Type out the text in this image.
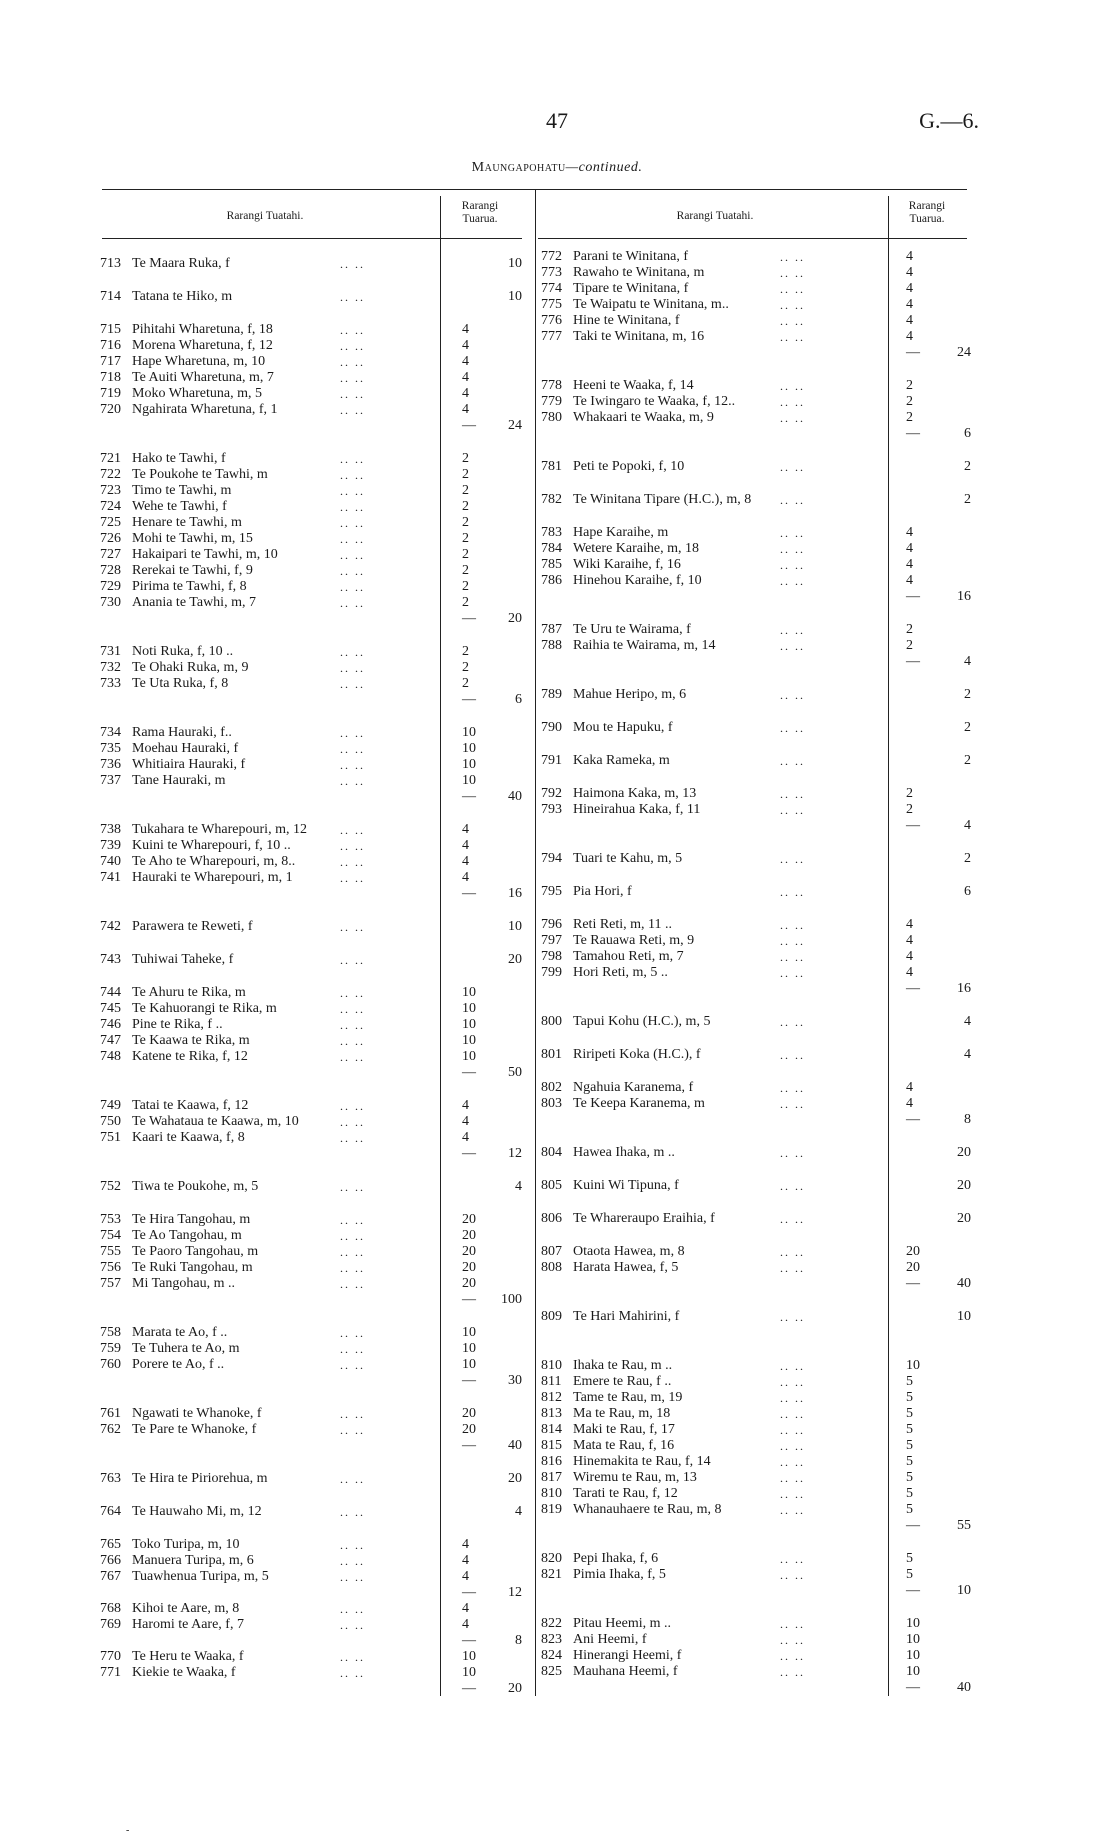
47	G.—6.
Maungapohatu—continued.
Rarangi Tuatahi.
Rarangi
Tuarua.	Rarangi Tuatahi.
Rarangi
Tuarua.
713 Te Maara Ruka, f	.. ..	10
714 Tatana te Hiko, m	.. ..	10
715 Pihitahi Wharetuna, f, 18	.. ..	4
716 Morena Wharetuna, f, 12	.. ..	4
717 Hape Wharetuna, m, 10	.. ..	4
718 Te Auiti Wharetuna, m, 7	.. ..	4
719 Moko Wharetuna, m, 5	.. ..	4
720 Ngahirata Wharetuna, f, 1	.. ..	4
— 24
721 Hako te Tawhi, f	.. ..	2
722 Te Poukohe te Tawhi, m	.. ..	2
723 Timo te Tawhi, m	.. ..	2
724 Wehe te Tawhi, f	.. ..	2
725 Henare te Tawhi, m	.. ..	2
726 Mohi te Tawhi, m, 15	.. ..	2
727 Hakaipari te Tawhi, m, 10	.. ..	2
728 Rerekai te Tawhi, f, 9	.. ..	2
729 Pirima te Tawhi, f, 8	.. ..	2
730 Anania te Tawhi, m, 7	.. ..	2
— 20
731 Noti Ruka, f, 10 ..	.. ..	2
732 Te Ohaki Ruka, m, 9	.. ..	2
733 Te Uta Ruka, f, 8	.. ..	2
—	6
734 Rama Hauraki, f..	.. ..	10
735 Moehau Hauraki, f	.. ..	10
736 Whitiaira Hauraki, f	.. ..	10
737 Tane Hauraki, m	.. ..	10
— 40
738 Tukahara te Wharepouri, m, 12	.. ..	4
739 Kuini te Wharepouri, f, 10 ..	.. ..	4
740 Te Aho te Wharepouri, m, 8..	.. ..	4
741 Hauraki te Wharepouri, m, 1	.. ..	4
— 16
742 Parawera te Reweti, f	.. ..	10
743 Tuhiwai Taheke, f	.. ..	20
744 Te Ahuru te Rika, m	.. ..	10
745 Te Kahuorangi te Rika, m	.. ..	10
746 Pine te Rika, f ..	.. ..	10
747 Te Kaawa te Rika, m	.. ..	10
748 Katene te Rika, f, 12	.. ..	10
— 50
749 Tatai te Kaawa, f, 12	.. ..	4
750 Te Wahataua te Kaawa, m, 10	.. ..	4
751 Kaari te Kaawa, f, 8	.. ..	4
— 12
752 Tiwa te Poukohe, m, 5	.. ..	4
753 Te Hira Tangohau, m	.. ..	20
754 Te Ao Tangohau, m	.. ..	20
755 Te Paoro Tangohau, m	.. ..	20
756 Te Ruki Tangohau, m	.. ..	20
757 Mi Tangohau, m ..	.. ..	20
— 100
758 Marata te Ao, f ..	.. ..	10
759 Te Tuhera te Ao, m	.. ..	10
760 Porere te Ao, f ..	.. ..	10
— 30
761 Ngawati te Whanoke, f	.. ..	20
762 Te Pare te Whanoke, f	.. ..	20
— 40
763 Te Hira te Piriorehua, m	.. ..	20
764 Te Hauwaho Mi, m, 12	.. ..	4
765 Toko Turipa, m, 10	.. ..	4
766 Manuera Turipa, m, 6	.. ..	4
767 Tuawhenua Turipa, m, 5	.. ..	4
— 12
768 Kihoi te Aare, m, 8	.. ..	4
769 Haromi te Aare, f, 7	.. ..	4
—	8
770 Te Heru te Waaka, f	.. ..	10
771 Kiekie te Waaka, f	.. ..	10
— 20
772 Parani te Winitana, f	.. ..	4
773 Rawaho te Winitana, m	.. ..	4
774 Tipare te Winitana, f	.. ..	4
775 Te Waipatu te Winitana, m..	.. ..	4
776 Hine te Winitana, f	.. ..	4
777 Taki te Winitana, m, 16	.. ..	4
—	24
778 Heeni te Waaka, f, 14	.. ..	2
779 Te Iwingaro te Waaka, f, 12..	.. ..	2
780 Whakaari te Waaka, m, 9	.. ..	2
—	6
781 Peti te Popoki, f, 10	.. ..	2
782 Te Winitana Tipare (H.C.), m, 8 .. ..	2
783 Hape Karaihe, m	.. ..	4
784 Wetere Karaihe, m, 18	.. ..	4
785 Wiki Karaihe, f, 16	.. ..	4
786 Hinehou Karaihe, f, 10	.. ..	4
—	16
787 Te Uru te Wairama, f	.. ..	2
788 Raihia te Wairama, m, 14	.. ..	2
—	4
789 Mahue Heripo, m, 6	.. ..	2
790 Mou te Hapuku, f	.. ..	2
791 Kaka Rameka, m	.. ..	2
792 Haimona Kaka, m, 13	.. ..	2
793 Hineirahua Kaka, f, 11	.. ..	2
—	4
794 Tuari te Kahu, m, 5	.. ..	2
795 Pia Hori, f	.. ..	6
796 Reti Reti, m, 11 ..	.. ..	4
797 Te Rauawa Reti, m, 9	.. ..	4
798 Tamahou Reti, m, 7	.. ..	4
799 Hori Reti, m, 5 ..	.. ..	4
—	16
800 Tapui Kohu (H.C.), m, 5	.. ..	4
801 Riripeti Koka (H.C.), f	.. ..	4
802 Ngahuia Karanema, f	.. ..	4
803 Te Keepa Karanema, m	.. ..	4
—	8
804 Hawea Ihaka, m ..	.. ..	20
805 Kuini Wi Tipuna, f	.. ..	20
806 Te Whareraupo Eraihia, f	.. ..	20
807 Otaota Hawea, m, 8	.. ..	20
808 Harata Hawea, f, 5	.. ..	20
—	40
809 Te Hari Mahirini, f	.. ..	10
810 Ihaka te Rau, m ..	.. ..	10
811 Emere te Rau, f ..	.. ..	5
812 Tame te Rau, m, 19	.. ..	5
813 Ma te Rau, m, 18	.. ..	5
814 Maki te Rau, f, 17	.. ..	5
815 Mata te Rau, f, 16	.. ..	5
816 Hinemakita te Rau, f, 14	.. ..	5
817 Wiremu te Rau, m, 13	.. ..	5
810 Tarati te Rau, f, 12	.. ..	5
819 Whanauhaere te Rau, m, 8	.. ..	5
—	55
820 Pepi Ihaka, f, 6	.. ..	5
821 Pimia Ihaka, f, 5	.. ..	5
—	10
822 Pitau Heemi, m ..	.. ..	10
823 Ani Heemi, f	.. ..	10
824 Hinerangi Heemi, f	.. ..	10
825 Mauhana Heemi, f	.. ..	10
—	40
-
